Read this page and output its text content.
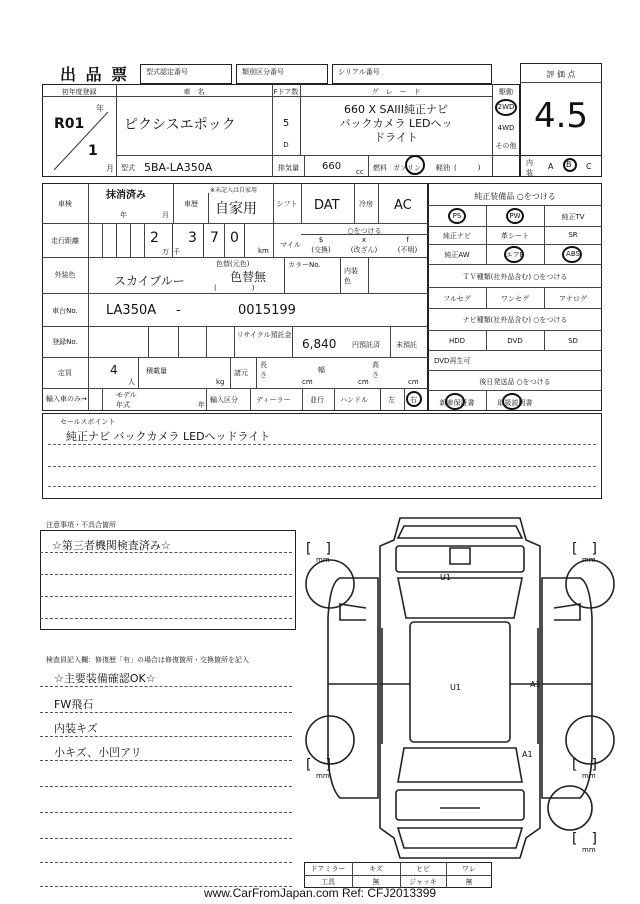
出 品 票 型式認定番号	類別区分番号	シリアル番号	評 価 点
4.5
初年度登録
R01
年
1
月
車　名
ピクシスエポック
Fドア数
5
D
グ　レ　ー　ド
660 X SAIII純正ナビ
バックカメラ LEDヘッ
ドライト
駆動
2WD
4WD
その他
型式 5BA-LA350A	排気量 660 cc 燃料 ガソリン 軽油 (　　　)
内装
A B C
車検
抹消済み
年	月
車歴
※未記入は自家用
自家用	シフト DAT	冷房	AC
走行距離	2
万 千
3 7 0
km
マイル
○をつける
$
(交換)
x
(改ざん)
f
(不明)
外装色	スカイブルー
色替(元色)
色替無
(　　　　　)
カラーNo.
内装色
車台No.	LA350A -	0015199
登録No.
リサイクル預託金
6,840 円預託済 未預託
定員	4
人
積載量
kg
諸元
長さ
cm
幅
cm
高さ
cm
輸入車のみ→	モデル年式	年
輸入区分	ディーラー	並行 ハンドル	左 右
純正装備品 ○をつける
PS	PW	純正TV
純正ナビ	革シート	SR
純正AW	エアB	ABS
ＴＶ種類(社外品含む) ○をつける
フルセグ	ワンセグ	アナログ
ナビ種類(社外品含む) ○をつける
HDD	DVD	SD
DVD再生可
後日発送品 ○をつける
新車保証書	取扱説明書
セールスポイント
純正ナビ バックカメラ LEDヘッドライト
注意事項・不具合箇所
☆第三者機関検査済み☆
検査員記入欄：修復歴「有」の場合は修復箇所・交換箇所を記入
☆主要装備確認OK☆
FW飛石
内装キズ
小キズ、小凹アリ
U1
U1	A1
A1
[　]
mm
[　]
mm
[　]
mm
[　]
mm
[　]
mm
ドアミラー	キズ	ヒビ	ワレ
工具	無	ジャッキ	無
www.CarFromJapan.com Ref: CFJ2013399
